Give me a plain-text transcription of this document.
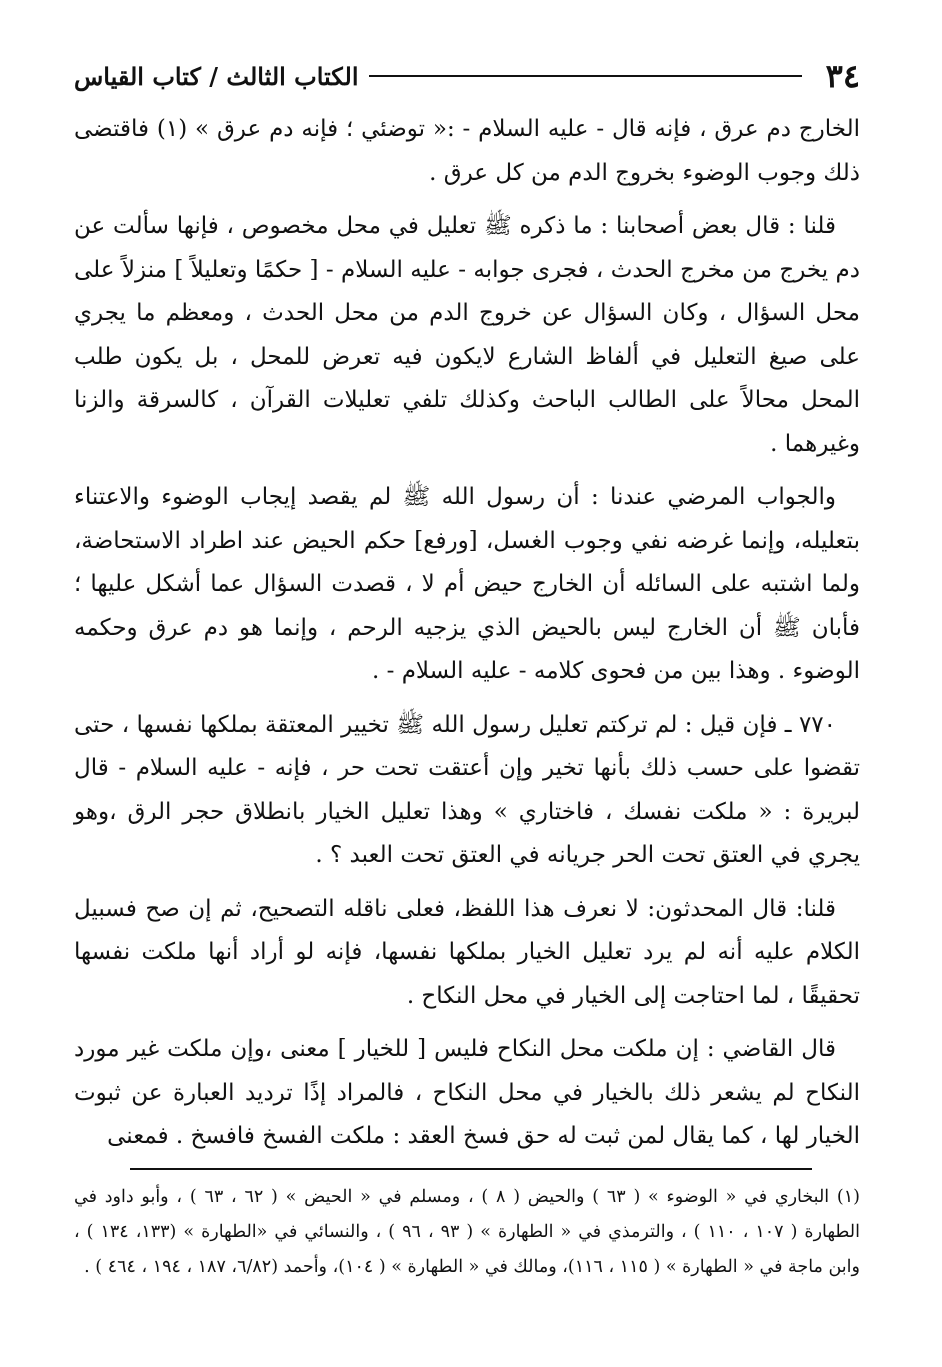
٣٤
الكتاب الثالث / كتاب القياس

الخارج دم عرق ، فإنه قال - عليه السلام - :« توضئي ؛ فإنه دم عرق » (١) فاقتضى ذلك وجوب الوضوء بخروج الدم من كل عرق .

قلنا : قال بعض أصحابنا : ما ذكره ﷺ تعليل في محل مخصوص ، فإنها سألت عن دم يخرج من مخرج الحدث ، فجرى جوابه - عليه السلام - [ حكمًا وتعليلاً ] منزلاً على محل السؤال ، وكان السؤال عن خروج الدم من محل الحدث ، ومعظم ما يجري على صيغ التعليل في ألفاظ الشارع لايكون فيه تعرض للمحل ، بل يكون طلب المحل محالاً على الطالب الباحث وكذلك تلفي تعليلات القرآن ، كالسرقة والزنا وغيرهما .

والجواب المرضي عندنا : أن رسول الله ﷺ لم يقصد إيجاب الوضوء والاعتناء بتعليله، وإنما غرضه نفي وجوب الغسل، [ورفع] حكم الحيض عند اطراد الاستحاضة، ولما اشتبه على السائله أن الخارج حيض أم لا ، قصدت السؤال عما أشكل عليها ؛ فأبان ﷺ أن الخارج ليس بالحيض الذي يزجيه الرحم ، وإنما هو دم عرق وحكمه الوضوء . وهذا بين من فحوى كلامه - عليه السلام - .

٧٧٠ ـ فإن قيل : لم تركتم تعليل رسول الله ﷺ تخيير المعتقة بملكها نفسها ، حتى تقضوا على حسب ذلك بأنها تخير وإن أعتقت تحت حر ، فإنه - عليه السلام - قال لبريرة : « ملكت نفسك ، فاختاري » وهذا تعليل الخيار بانطلاق حجر الرق ،وهو يجري في العتق تحت الحر جريانه في العتق تحت العبد ؟ .

قلنا: قال المحدثون: لا نعرف هذا اللفظ، فعلى ناقله التصحيح، ثم إن صح فسبيل الكلام عليه أنه لم يرد تعليل الخيار بملكها نفسها، فإنه لو أراد أنها ملكت نفسها تحقيقًا ، لما احتاجت إلى الخيار في محل النكاح .

قال القاضي : إن ملكت محل النكاح فليس [ للخيار ] معنى ،وإن ملكت غير مورد النكاح لم يشعر ذلك بالخيار في محل النكاح ، فالمراد إذًا ترديد العبارة عن ثبوت الخيار لها ، كما يقال لمن ثبت له حق فسخ العقد : ملكت الفسخ فافسخ . فمعنى

(١) البخاري في « الوضوء » ( ٦٣ ) والحيض ( ٨ ) ، ومسلم في « الحيض » ( ٦٢ ، ٦٣ ) ، وأبو داود في الطهارة ( ١٠٧ ، ١١٠ ) ، والترمذي في « الطهارة » ( ٩٣ ، ٩٦ ) ، والنسائي في «الطهارة » (١٣٣، ١٣٤ ) ، وابن ماجة في « الطهارة » ( ١١٥ ، ١١٦)، ومالك في « الطهارة » ( ١٠٤)، وأحمد (٦/٨٢، ١٨٧ ، ١٩٤ ، ٤٦٤ ) .
